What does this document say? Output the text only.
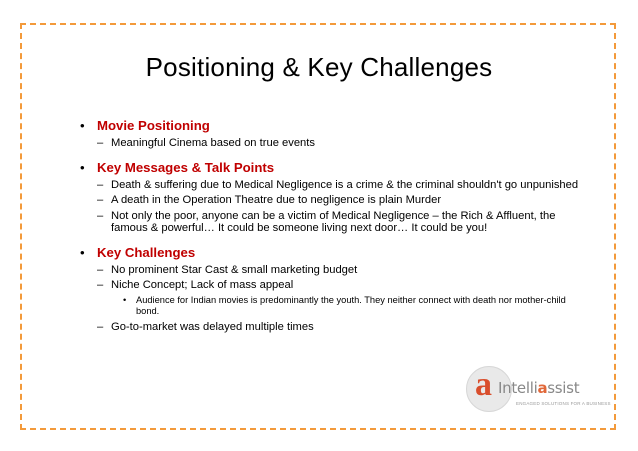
Positioning & Key Challenges
• Movie Positioning
– Meaningful Cinema based on true events
• Key Messages & Talk Points
– Death & suffering due to Medical Negligence is a crime & the criminal shouldn't go unpunished
– A death in the Operation Theatre due to negligence is plain Murder
– Not only the poor, anyone can be a victim of Medical Negligence – the Rich & Affluent, the famous & powerful… It could be someone living next door… It could be you!
• Key Challenges
– No prominent Star Cast & small marketing budget
– Niche Concept; Lack of mass appeal
• Audience for Indian movies is predominantly the youth. They neither connect with death nor mother-child bond.
– Go-to-market was delayed multiple times
a Intelliassist
ENGAGED SOLUTIONS FOR A BUSINESS
